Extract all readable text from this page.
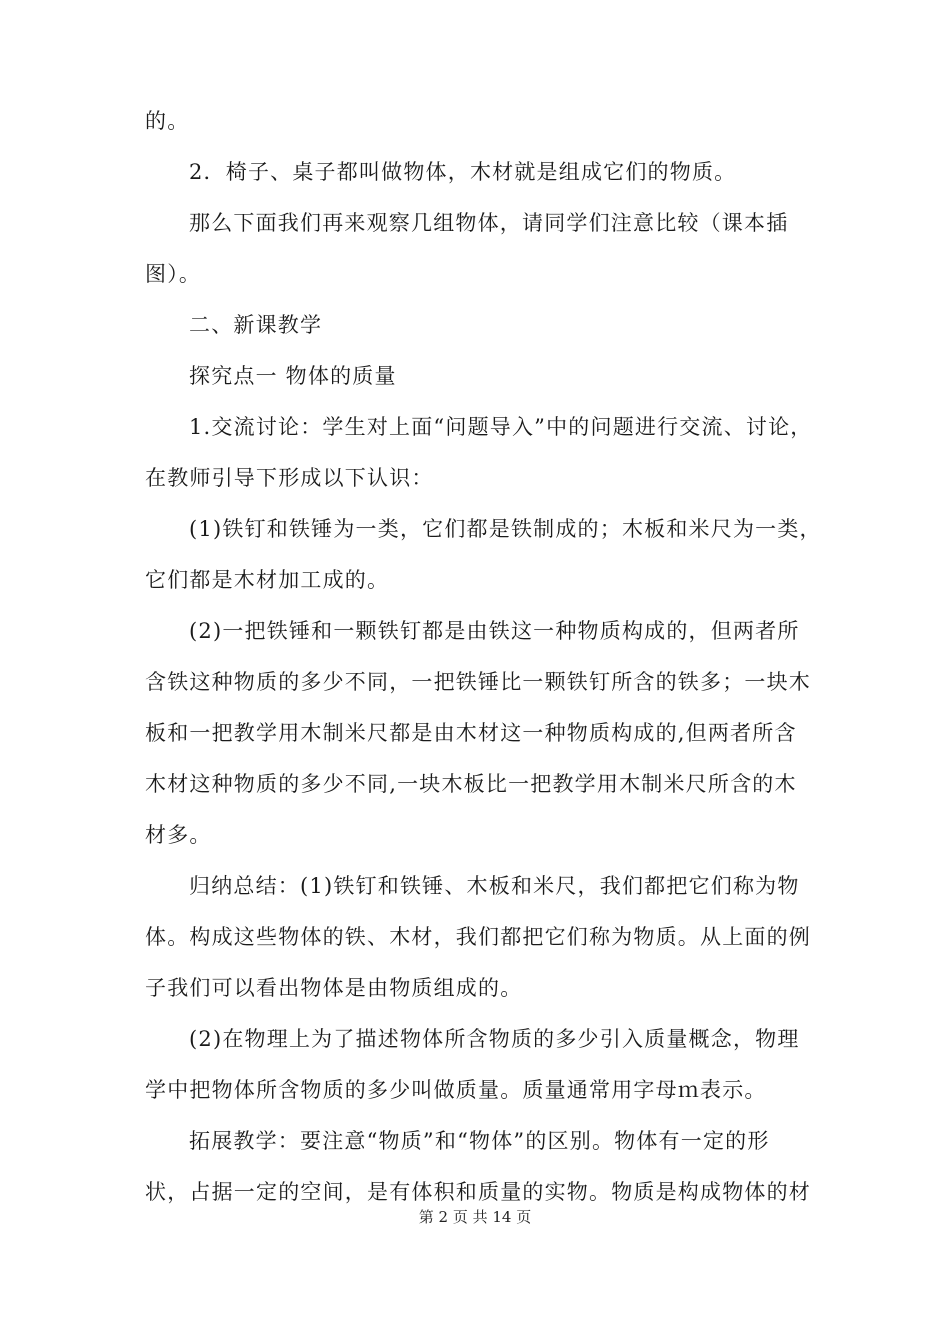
的。
2．椅子、桌子都叫做物体，木材就是组成它们的物质。
那么下面我们再来观察几组物体，请同学们注意比较（课本插
图）。
二、新课教学
探究点一 物体的质量
1.交流讨论：学生对上面“问题导入”中的问题进行交流、讨论，
在教师引导下形成以下认识：
(1)铁钉和铁锤为一类，它们都是铁制成的；木板和米尺为一类，
它们都是木材加工成的。
(2)一把铁锤和一颗铁钉都是由铁这一种物质构成的，但两者所
含铁这种物质的多少不同，一把铁锤比一颗铁钉所含的铁多；一块木
板和一把教学用木制米尺都是由木材这一种物质构成的,但两者所含
木材这种物质的多少不同,一块木板比一把教学用木制米尺所含的木
材多。
归纳总结：(1)铁钉和铁锤、木板和米尺，我们都把它们称为物
体。构成这些物体的铁、木材，我们都把它们称为物质。从上面的例
子我们可以看出物体是由物质组成的。
(2)在物理上为了描述物体所含物质的多少引入质量概念，物理
学中把物体所含物质的多少叫做质量。质量通常用字母ｍ表示。
拓展教学：要注意“物质”和“物体”的区别。物体有一定的形
状，占据一定的空间，是有体积和质量的实物。物质是构成物体的材
第 2 页 共 14 页
